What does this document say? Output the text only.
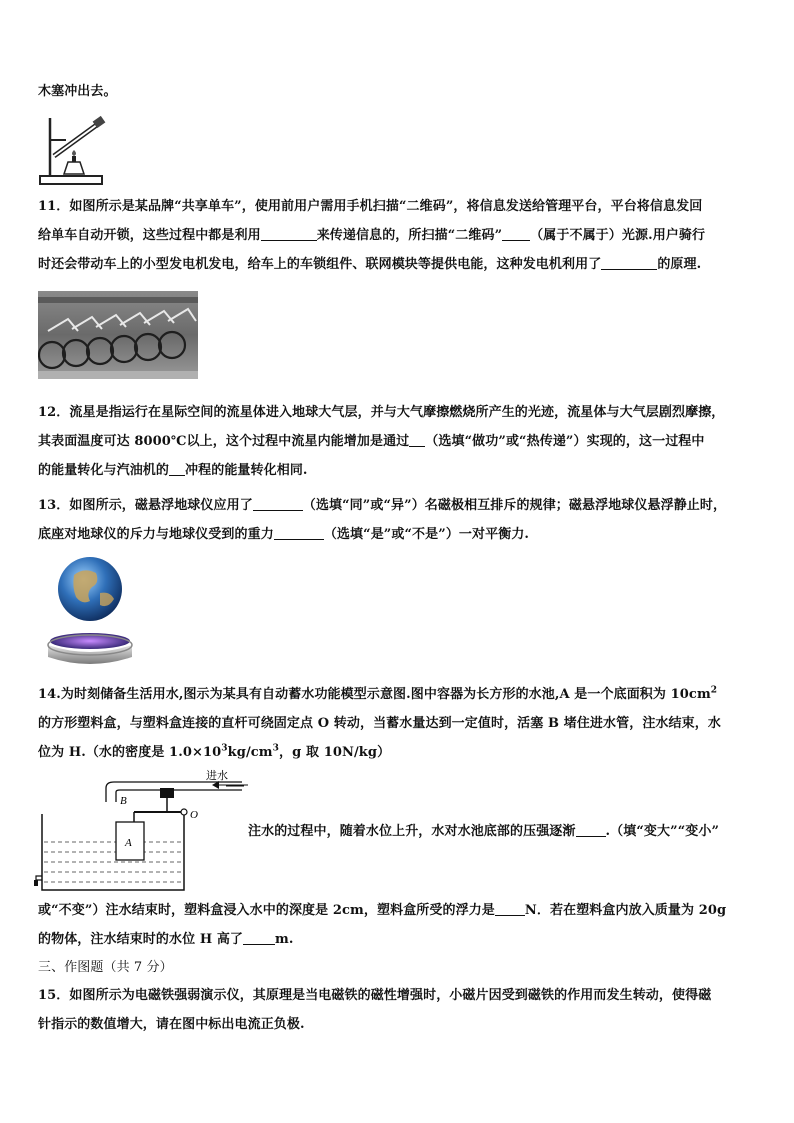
木塞冲出去。
11．如图所示是某品牌“共享单车”，使用前用户需用手机扫描“二维码”，将信息发送给管理平台，平台将信息发回
给单车自动开锁，这些过程中都是利用	来传递信息的，所扫描“二维码” （属于不属于）光源.用户骑行
时还会带动车上的小型发电机发电，给车上的车锁组件、联网模块等提供电能，这种发电机利用了	的原理.
12．流星是指运行在星际空间的流星体进入地球大气层，并与大气摩擦燃烧所产生的光迹，流星体与大气层剧烈摩擦，
其表面温度可达 8000℃以上，这个过程中流星内能增加是通过 （选填“做功”或“热传递”）实现的，这一过程中
的能量转化与汽油机的 冲程的能量转化相同.
13．如图所示，磁悬浮地球仪应用了	（选填“同”或“异”）名磁极相互排斥的规律；磁悬浮地球仪悬浮静止时，
底座对地球仪的斥力与地球仪受到的重力	（选填“是”或“不是”）一对平衡力.
14.为时刻储备生活用水,图示为某具有自动蓄水功能模型示意图.图中容器为长方形的水池,A 是一个底面积为 $10cm^2$
的方形塑料盒，与塑料盒连接的直杆可绕固定点 O 转动，当蓄水量达到一定值时，活塞 B 堵住进水管，注水结束，水
位为 H.（水的密度是 $1.0\times 10^3kg/cm^3$，g 取 10N/kg）
B
O
A
进水
注水的过程中，随着水位上升，水对水池底部的压强逐渐 .（填“变大”“变小”
或“不变”）注水结束时，塑料盒浸入水中的深度是 2cm，塑料盒所受的浮力是 N．若在塑料盒内放入质量为 20g
的物体，注水结束时的水位 H 高了 m.
三、作图题（共 7 分）
15．如图所示为电磁铁强弱演示仪，其原理是当电磁铁的磁性增强时，小磁片因受到磁铁的作用而发生转动，使得磁
针指示的数值增大，请在图中标出电流正负极.
